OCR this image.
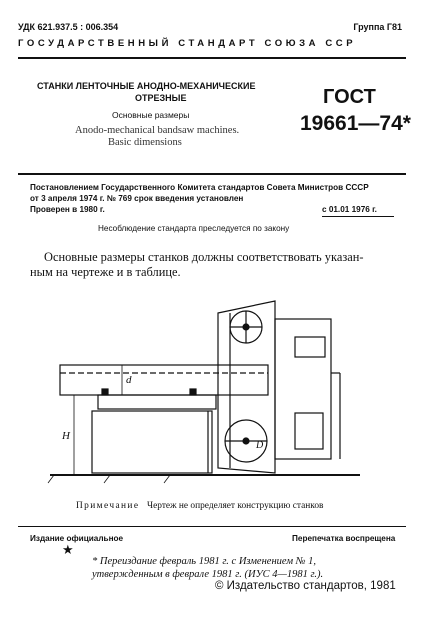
УДК 621.937.5 : 006.354	Группа Г81
ГОСУДАРСТВЕННЫЙ СТАНДАРТ СОЮЗА ССР
СТАНКИ ЛЕНТОЧНЫЕ АНОДНО-МЕХАНИЧЕСКИЕ
ОТРЕЗНЫЕ
Основные размеры
Anodo-mechanical bandsaw machines.
Basic dimensions
ГОСТ
19661—74*
Постановлением Государственного Комитета стандартов Совета Министров СССР
от 3 апреля 1974 г. № 769 срок введения установлен
Проверен в 1980 г.	с 01.01 1976 г.
Несоблюдение стандарта преследуется по закону
Основные размеры станков должны соответствовать указан-
ным на чертеже и в таблице.
d
H
D
Примечание Чертеж не определяет конструкцию станков
Издание официальное
★
Перепечатка воспрещена
* Переиздание февраль 1981 г. с Изменением № 1,
утвержденным в феврале 1981 г. (ИУС 4—1981 г.).
© Издательство стандартов, 1981
